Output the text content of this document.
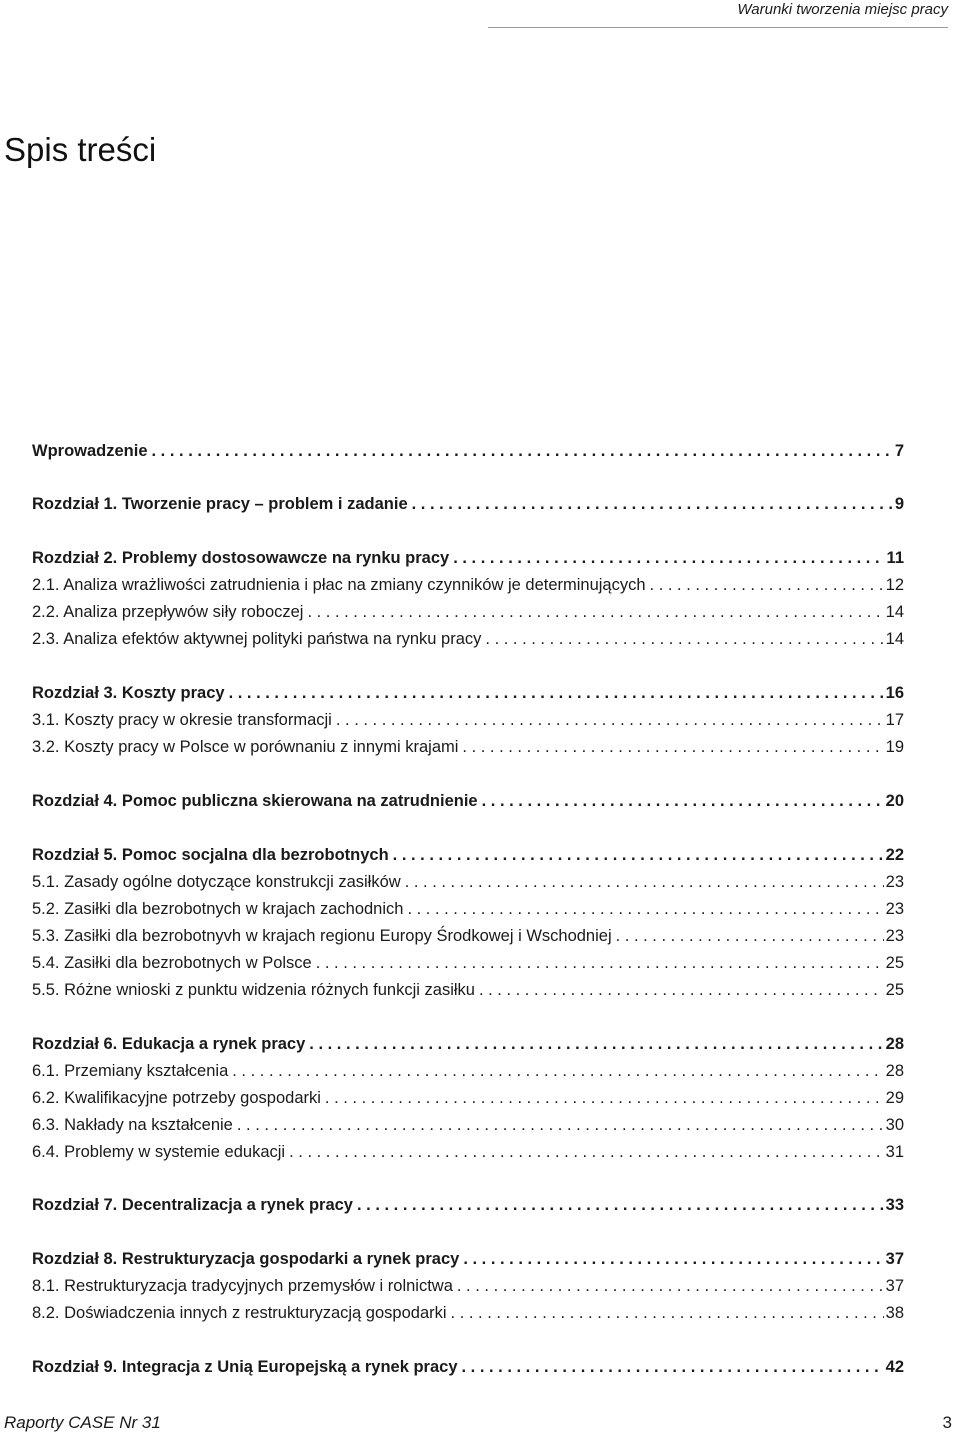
Warunki tworzenia miejsc pracy
Spis treści
Wprowadzenie . . .	7
Rozdział 1. Tworzenie pracy – problem i zadanie . . .	9
Rozdział 2. Problemy dostosowawcze na rynku pracy . . .	11
2.1. Analiza wrażliwości zatrudnienia i płac na zmiany czynników je determinujących . . .	12
2.2. Analiza przepływów siły roboczej . . .	14
2.3. Analiza efektów aktywnej polityki państwa na rynku pracy . . .	14
Rozdział 3. Koszty pracy . . .	16
3.1. Koszty pracy w okresie transformacji . . .	17
3.2. Koszty pracy w Polsce w porównaniu z innymi krajami . . .	19
Rozdział 4. Pomoc publiczna skierowana na zatrudnienie . . .	20
Rozdział 5. Pomoc socjalna dla bezrobotnych . . .	22
5.1. Zasady ogólne dotyczące konstrukcji zasiłków . . .	23
5.2. Zasiłki dla bezrobotnych w krajach zachodnich . . .	23
5.3. Zasiłki dla bezrobotnyvh w krajach regionu Europy Środkowej i Wschodniej . . .	23
5.4. Zasiłki dla bezrobotnych w Polsce . . .	25
5.5. Różne wnioski z punktu widzenia różnych funkcji zasiłku . . .	25
Rozdział 6. Edukacja a rynek pracy . . .	28
6.1. Przemiany kształcenia . . .	28
6.2. Kwalifikacyjne potrzeby gospodarki . . .	29
6.3. Nakłady na kształcenie . . .	30
6.4. Problemy w systemie edukacji . . .	31
Rozdział 7. Decentralizacja a rynek pracy . . .	33
Rozdział 8. Restrukturyzacja gospodarki a rynek pracy . . .	37
8.1. Restrukturyzacja tradycyjnych przemysłów i rolnictwa . . .	37
8.2. Doświadczenia innych z restrukturyzacją gospodarki . . .	38
Rozdział 9. Integracja z Unią Europejską a rynek pracy . . .	42
Raporty CASE Nr 31	3
